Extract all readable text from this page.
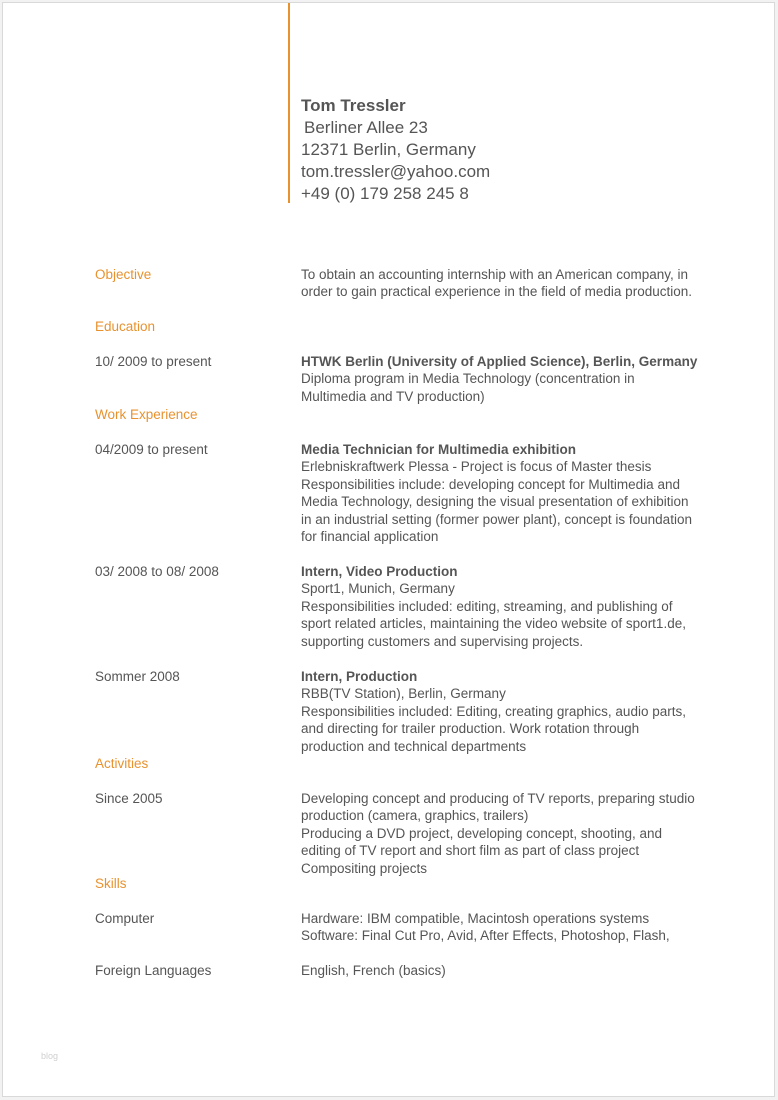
Tom Tressler
Berliner Allee 23
12371 Berlin, Germany
tom.tressler@yahoo.com
+49 (0) 179 258 245 8
Objective	To obtain an accounting internship with an American company, in
order to gain practical experience in the field of media production.
Education
10/ 2009 to present	HTWK Berlin (University of Applied Science), Berlin, Germany
Diploma program in Media Technology (concentration in
Multimedia and TV production)
Work Experience
04/2009 to present	Media Technician for Multimedia exhibition
Erlebniskraftwerk Plessa - Project is focus of Master thesis
Responsibilities include: developing concept for Multimedia and
Media Technology, designing the visual presentation of exhibition
in an industrial setting (former power plant), concept is foundation
for financial application
03/ 2008 to 08/ 2008	Intern, Video Production
Sport1, Munich, Germany
Responsibilities included: editing, streaming, and publishing of
sport related articles, maintaining the video website of sport1.de,
supporting customers and supervising projects.
Sommer 2008	Intern, Production
RBB(TV Station), Berlin, Germany
Responsibilities included: Editing, creating graphics, audio parts,
and directing for trailer production. Work rotation through
production and technical departments
Activities
Since 2005	Developing concept and producing of TV reports, preparing studio
production (camera, graphics, trailers)
Producing a DVD project, developing concept, shooting, and
editing of TV report and short film as part of class project
Compositing projects
Skills
Computer	Hardware: IBM compatible, Macintosh operations systems
Software: Final Cut Pro, Avid, After Effects, Photoshop, Flash,
Foreign Languages	English, French (basics)
blog
